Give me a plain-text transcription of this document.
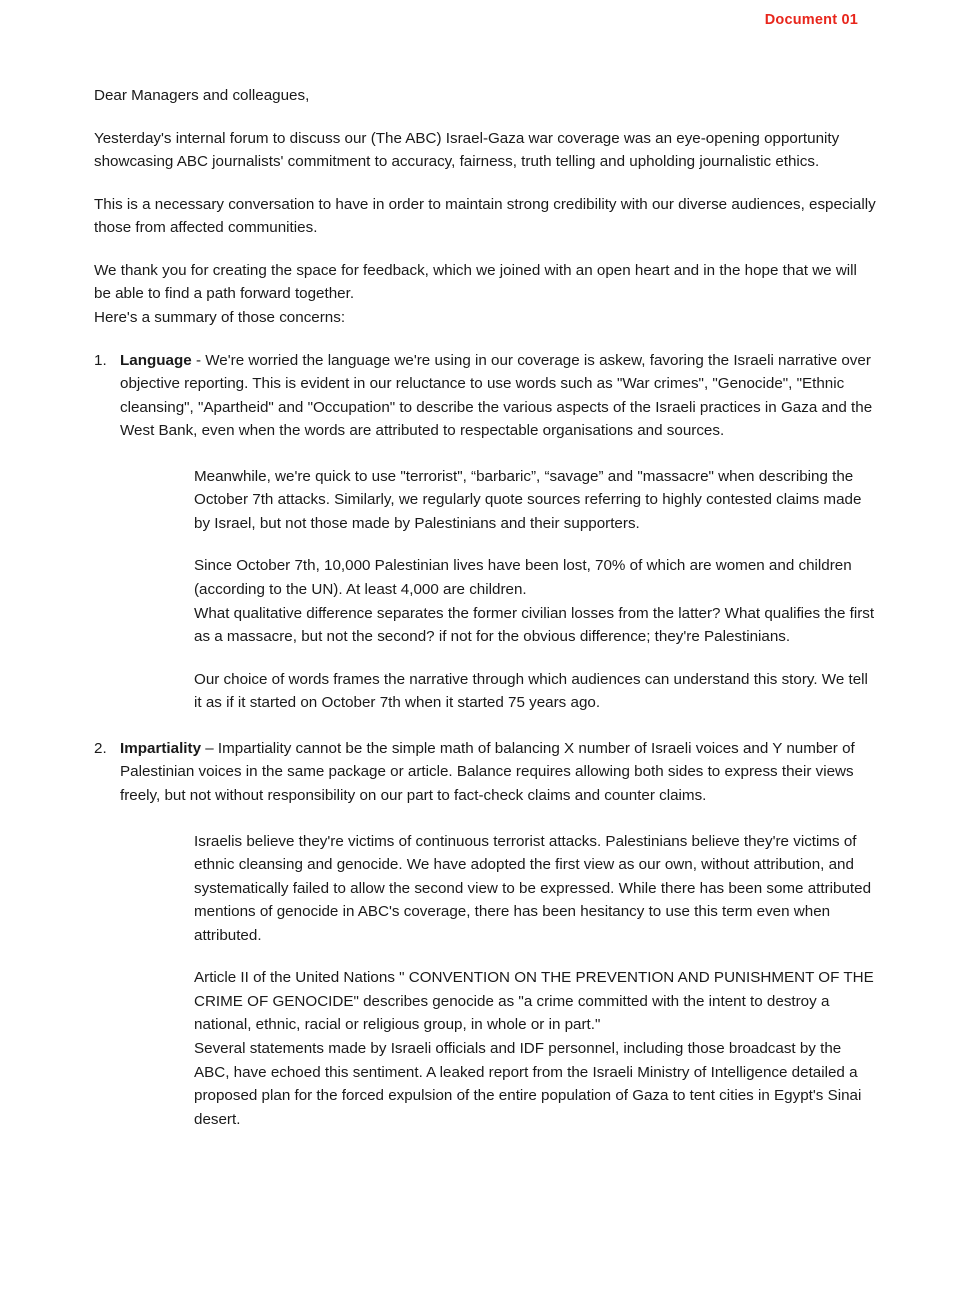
Document 01

Dear Managers and colleagues,

Yesterday's internal forum to discuss our (The ABC) Israel-Gaza war coverage was an eye-opening opportunity showcasing ABC journalists' commitment to accuracy, fairness, truth telling and upholding journalistic ethics.

This is a necessary conversation to have in order to maintain strong credibility with our diverse audiences, especially those from affected communities.

We thank you for creating the space for feedback, which we joined with an open heart and in the hope that we will be able to find a path forward together.

Here's a summary of those concerns:

Language - We're worried the language we're using in our coverage is askew, favoring the Israeli narrative over objective reporting. This is evident in our reluctance to use words such as "War crimes", "Genocide", "Ethnic cleansing", "Apartheid" and "Occupation" to describe the various aspects of the Israeli practices in Gaza and the West Bank, even when the words are attributed to respectable organisations and sources.

Meanwhile, we're quick to use "terrorist", “barbaric”, “savage” and "massacre" when describing the October 7th attacks. Similarly, we regularly quote sources referring to highly contested claims made by Israel, but not those made by Palestinians and their supporters.

Since October 7th, 10,000 Palestinian lives have been lost, 70% of which are women and children (according to the UN). At least 4,000 are children.

What qualitative difference separates the former civilian losses from the latter? What qualifies the first as a massacre, but not the second? if not for the obvious difference; they're Palestinians.

Our choice of words frames the narrative through which audiences can understand this story. We tell it as if it started on October 7th when it started 75 years ago.

Impartiality – Impartiality cannot be the simple math of balancing X number of Israeli voices and Y number of Palestinian voices in the same package or article. Balance requires allowing both sides to express their views freely, but not without responsibility on our part to fact-check claims and counter claims.

Israelis believe they're victims of continuous terrorist attacks. Palestinians believe they're victims of ethnic cleansing and genocide. We have adopted the first view as our own, without attribution, and systematically failed to allow the second view to be expressed. While there has been some attributed mentions of genocide in ABC's coverage, there has been hesitancy to use this term even when attributed.

Article II of the United Nations " CONVENTION ON THE PREVENTION AND PUNISHMENT OF THE CRIME OF GENOCIDE" describes genocide as "a crime committed with the intent to destroy a national, ethnic, racial or religious group, in whole or in part."

Several statements made by Israeli officials and IDF personnel, including those broadcast by the ABC, have echoed this sentiment. A leaked report from the Israeli Ministry of Intelligence detailed a proposed plan for the forced expulsion of the entire population of Gaza to tent cities in Egypt's Sinai desert.
